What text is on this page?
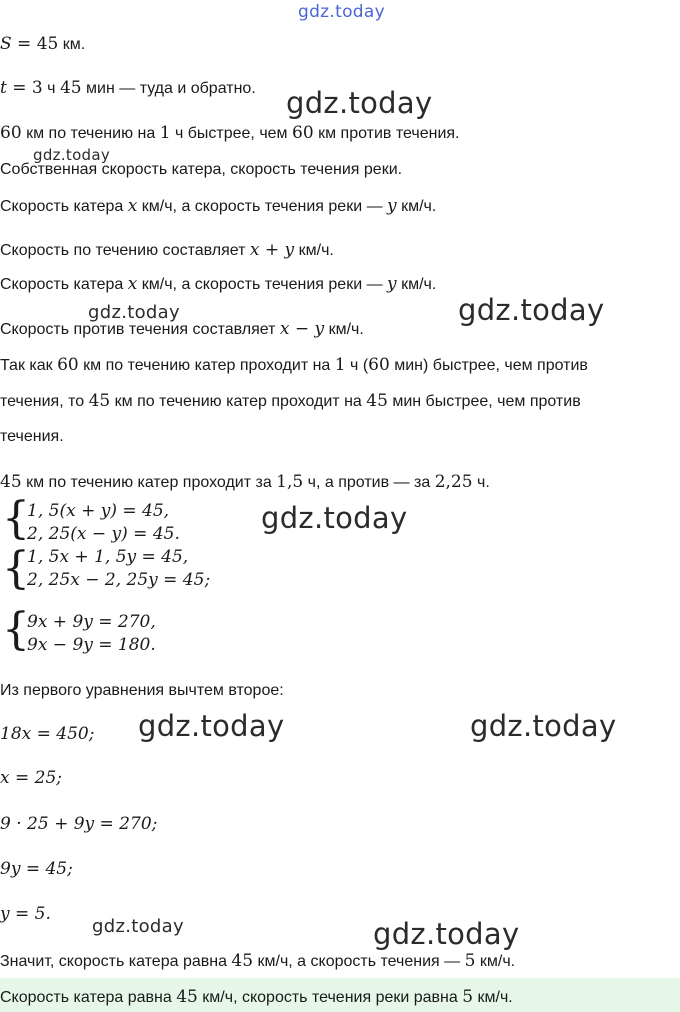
gdz.today
gdz.today
gdz.today
gdz.today
gdz.today
gdz.today
gdz.today	gdz.today
gdz.today	gdz.today
S = 45 км.
t = 3 ч 45 мин — туда и обратно.
60 км по течению на 1 ч быстрее, чем 60 км против течения.
Собственная скорость катера, скорость течения реки.
Скорость катера x км/ч, а скорость течения реки — y км/ч.
Скорость по течению составляет x + y км/ч.
Скорость катера x км/ч, а скорость течения реки — y км/ч.
Скорость против течения составляет x − y км/ч.
Так как 60 км по течению катер проходит на 1 ч (60 мин) быстрее, чем против
течения, то 45 км по течению катер проходит на 45 мин быстрее, чем против
течения.
45 км по течению катер проходит за 1,5 ч, а против — за 2,25 ч.
{
{
1, 5(x + y) = 45,
2, 25(x − y) = 45.
1, 5x + 1, 5y = 45,
2, 25x − 2, 25y = 45;
{
9x + 9y = 270,
9x − 9y = 180.
Из первого уравнения вычтем второе:
18x = 450;
x = 25;
9 · 25 + 9y = 270;
9y = 45;
y = 5.
Значит, скорость катера равна 45 км/ч, а скорость течения — 5 км/ч.
Скорость катера равна 45 км/ч, скорость течения реки равна 5 км/ч.
